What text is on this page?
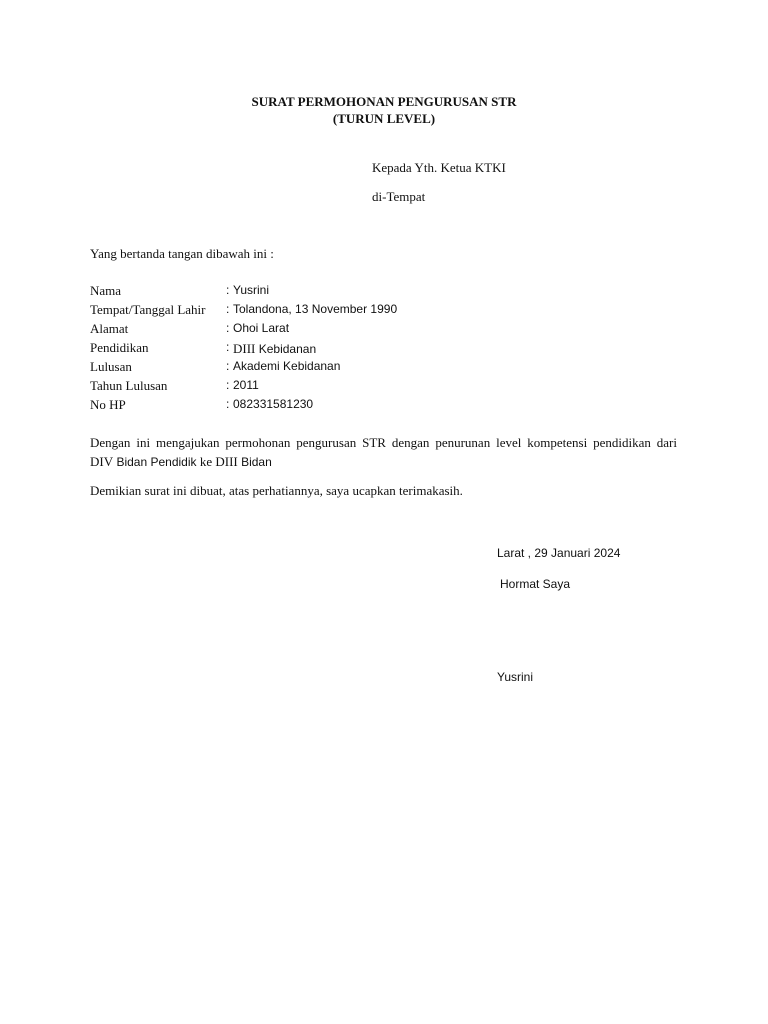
SURAT PERMOHONAN PENGURUSAN STR
(TURUN LEVEL)
Kepada Yth. Ketua KTKI
di-Tempat
Yang bertanda tangan dibawah ini :
Nama	: Yusrini
Tempat/Tanggal Lahir : Tolandona, 13 November 1990
Alamat	: Ohoi Larat
Pendidikan	: DIII Kebidanan
Lulusan	: Akademi Kebidanan
Tahun Lulusan	: 2011
No HP	: 082331581230
Dengan ini mengajukan permohonan pengurusan STR dengan penurunan level kompetensi pendidikan dari
DIV Bidan Pendidik ke DIII Bidan
Demikian surat ini dibuat, atas perhatiannya, saya ucapkan terimakasih.
Larat , 29 Januari 2024
Hormat Saya
Yusrini
